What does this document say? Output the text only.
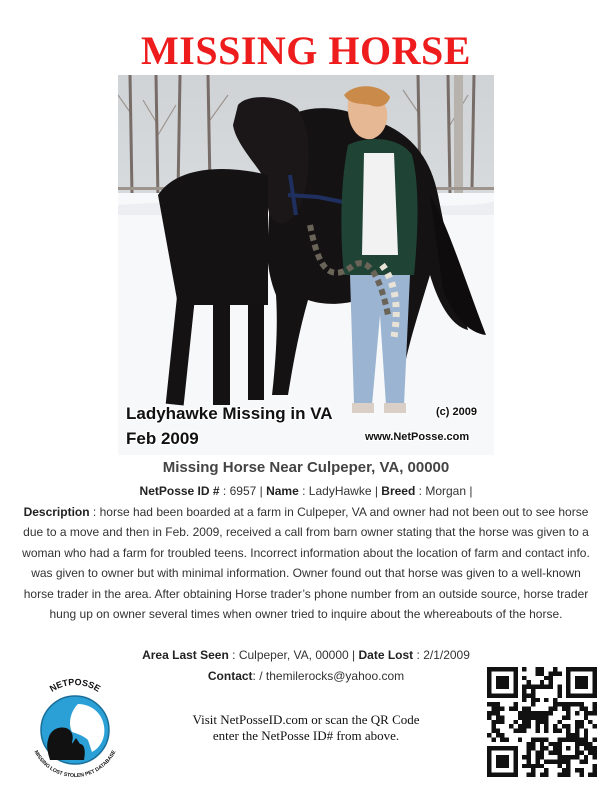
MISSING HORSE
Ladyhawke Missing in VA
Feb 2009
(c) 2009
www.NetPosse.com
Missing Horse Near Culpeper, VA, 00000
NetPosse ID # : 6957 | Name : LadyHawke | Breed : Morgan |
Description : horse had been boarded at a farm in Culpeper, VA and owner had not been out to see horse due to a move and then in Feb. 2009, received a call from barn owner stating that the horse was given to a woman who had a farm for troubled teens. Incorrect information about the location of farm and contact info. was given to owner but with minimal information. Owner found out that horse was given to a well-known horse trader in the area. After obtaining Horse trader’s phone number from an outside source, horse trader hung up on owner several times when owner tried to inquire about the whereabouts of the horse.
Area Last Seen : Culpeper, VA, 00000 | Date Lost : 2/1/2009
Contact: / themilerocks@yahoo.com
NETPOSSE
MISSING LOST STOLEN PET DATABASE
Visit NetPosseID.com or scan the QR Code
enter the NetPosse ID# from above.
